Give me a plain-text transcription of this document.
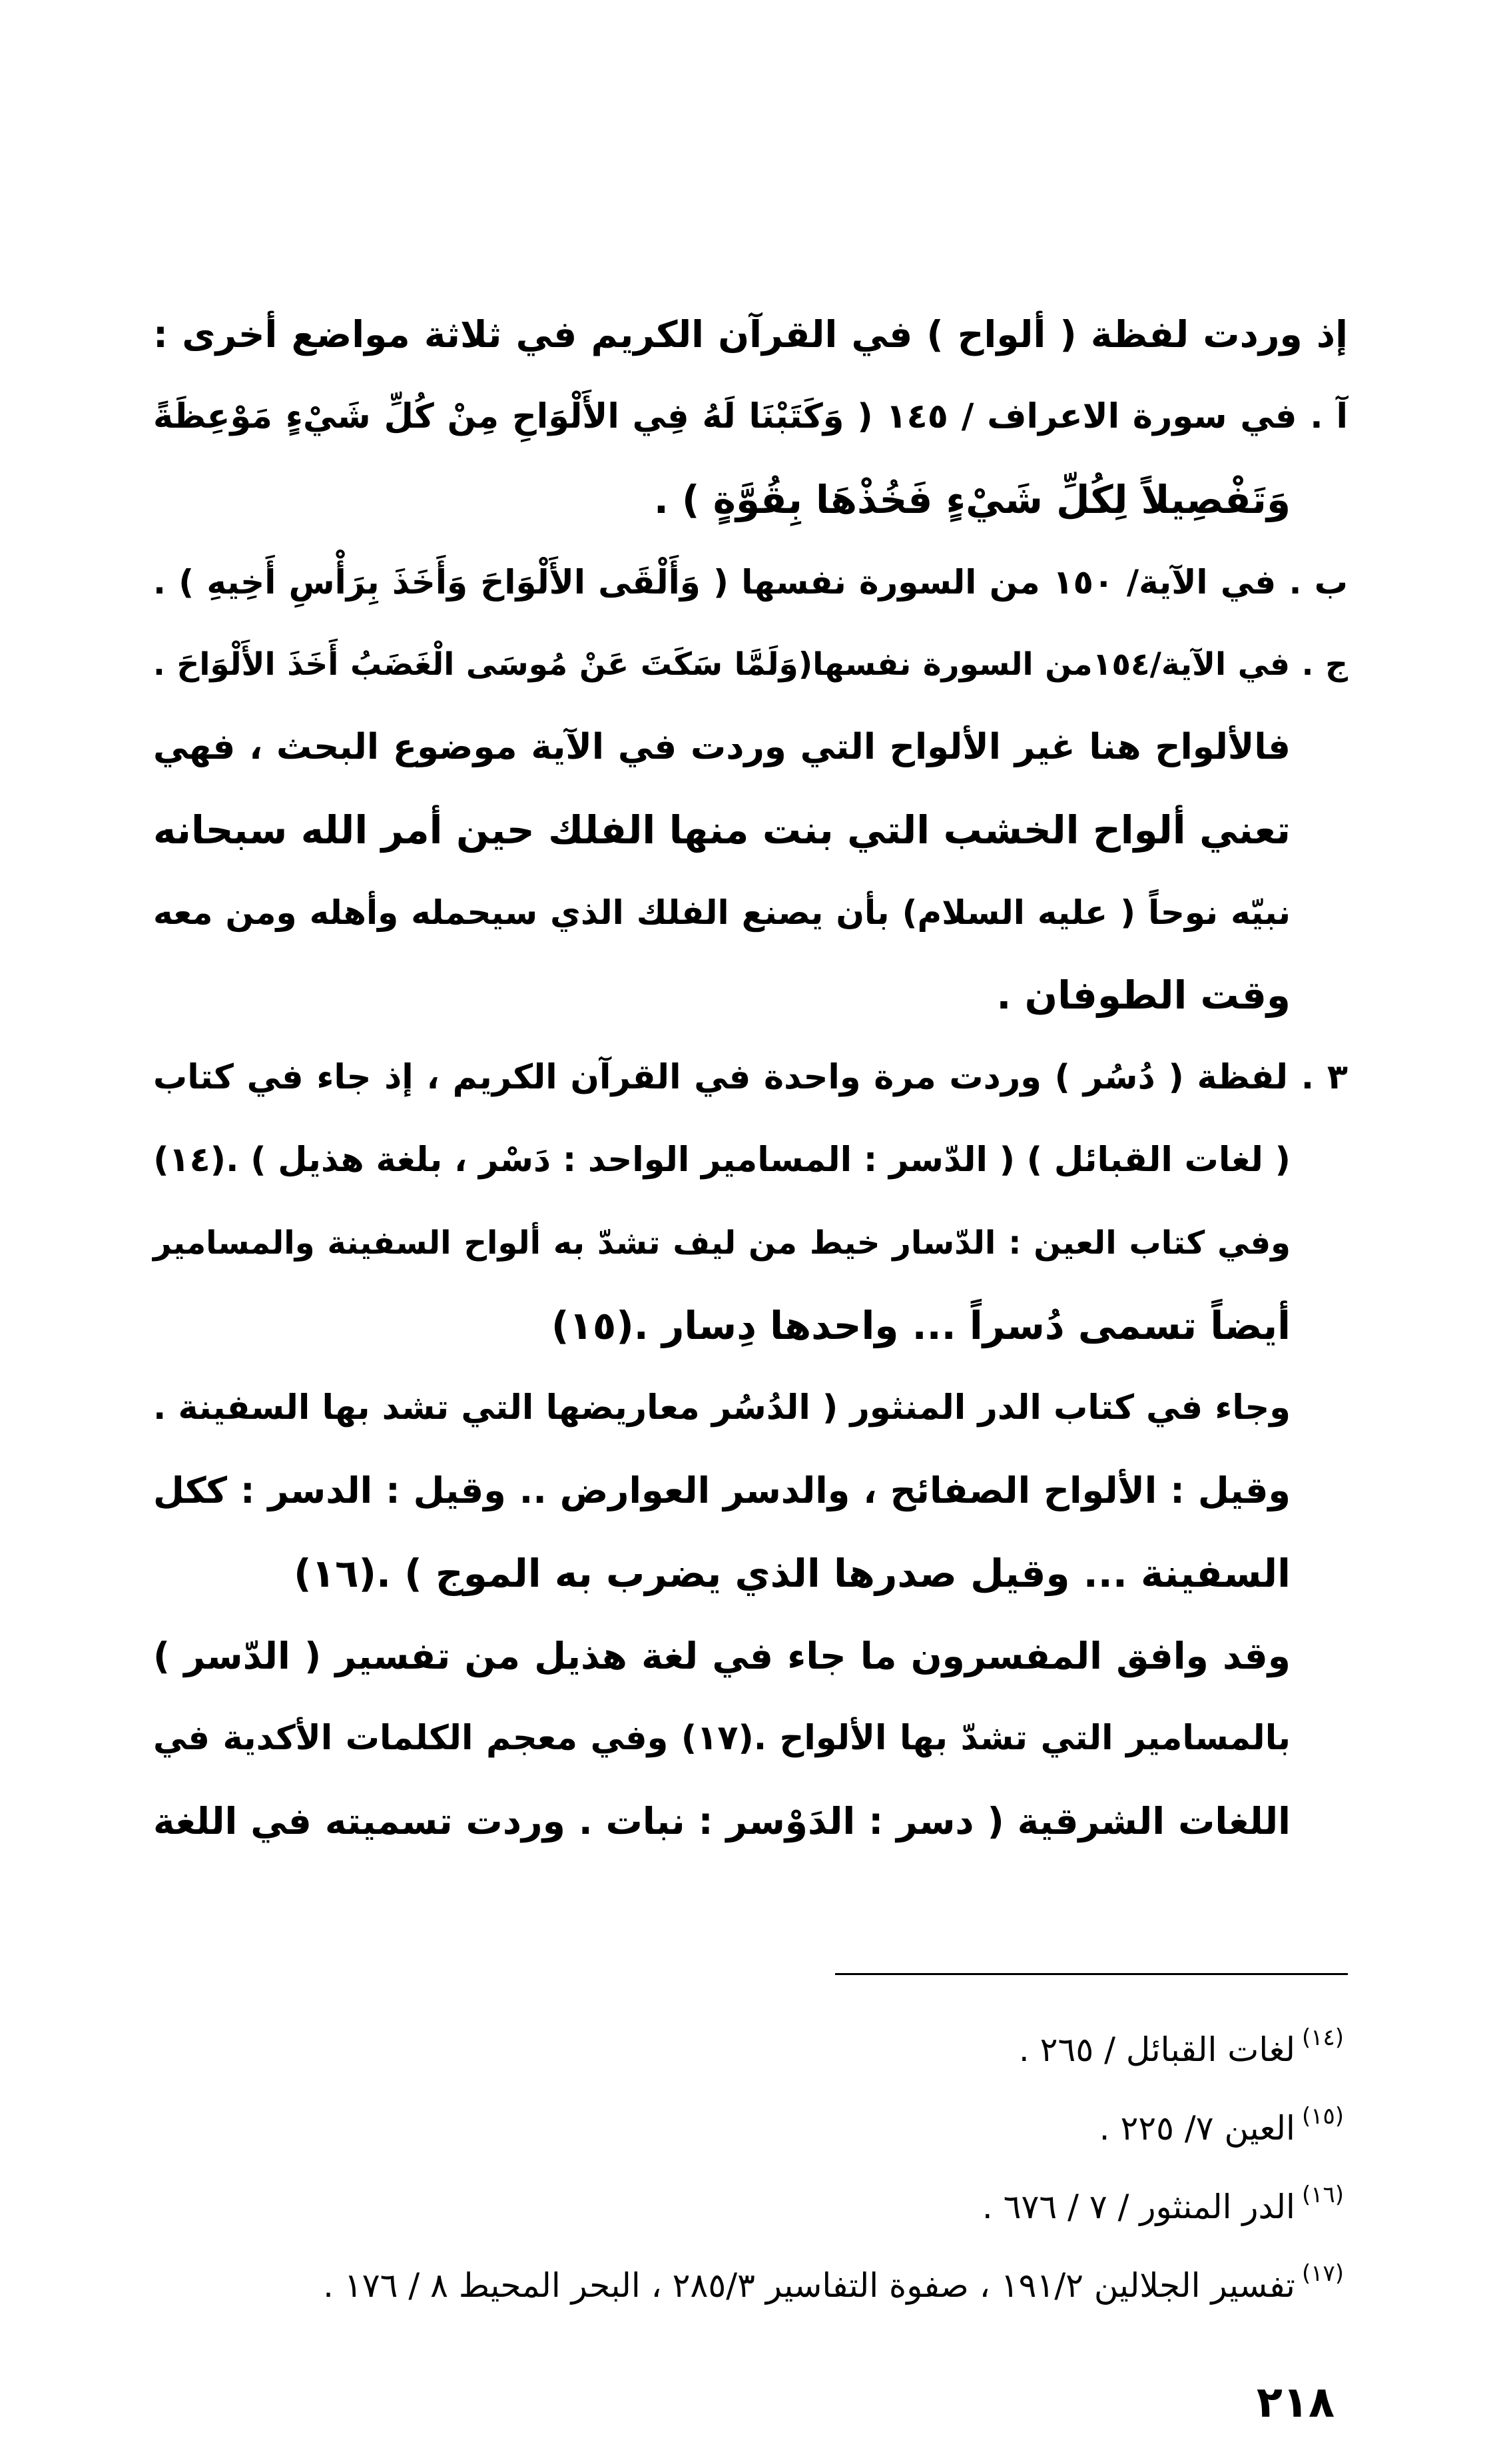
إذ وردت لفظة ( ألواح ) في القرآن الكريم في ثلاثة مواضع أخرى :
آ . في سورة الاعراف / ١٤٥ ( وَكَتَبْنَا لَهُ فِي الأَلْوَاحِ مِنْ كُلِّ شَيْءٍ مَوْعِظَةً
وَتَفْصِيلاً لِكُلِّ شَيْءٍ فَخُذْهَا بِقُوَّةٍ ) .
ب . في الآية/ ١٥٠ من السورة نفسها ( وَأَلْقَى الأَلْوَاحَ وَأَخَذَ بِرَأْسِ أَخِيهِ ) .
ج . في الآية/١٥٤من السورة نفسها(وَلَمَّا سَكَتَ عَنْ مُوسَى الْغَضَبُ أَخَذَ الأَلْوَاحَ .
فالألواح هنا غير الألواح التي وردت في الآية موضوع البحث ، فهي
تعني ألواح الخشب التي بنت منها الفلك حين أمر الله سبحانه
نبيّه نوحاً ( عليه السلام) بأن يصنع الفلك الذي سيحمله وأهله ومن معه
وقت الطوفان .
٣ . لفظة ( دُسُر ) وردت مرة واحدة في القرآن الكريم ، إذ جاء في كتاب
( لغات القبائل ) ( الدّسر : المسامير الواحد : دَسْر ، بلغة هذيل ) .(١٤)
وفي كتاب العين : الدّسار خيط من ليف تشدّ به ألواح السفينة والمسامير
أيضاً تسمى دُسراً ... واحدها دِسار .(١٥)
وجاء في كتاب الدر المنثور ( الدُسُر معاريضها التي تشد بها السفينة .
وقيل : الألواح الصفائح ، والدسر العوارض .. وقيل : الدسر : ككل
السفينة ... وقيل صدرها الذي يضرب به الموج ) .(١٦)
وقد وافق المفسرون ما جاء في لغة هذيل من تفسير ( الدّسر )
بالمسامير التي تشدّ بها الألواح .(١٧) وفي معجم الكلمات الأكدية في
اللغات الشرقية ( دسر : الدَوْسر : نبات . وردت تسميته في اللغة
$^{(١٤)}$لغات القبائل / ٢٦٥ .
$^{(١٥)}$العين ٧/ ٢٢٥ .
$^{(١٦)}$الدر المنثور / ٧ / ٦٧٦ .
$^{(١٧)}$تفسير الجلالين ١٩١/٢ ، صفوة التفاسير ٢٨٥/٣ ، البحر المحيط ٨ / ١٧٦ .
٢١٨
